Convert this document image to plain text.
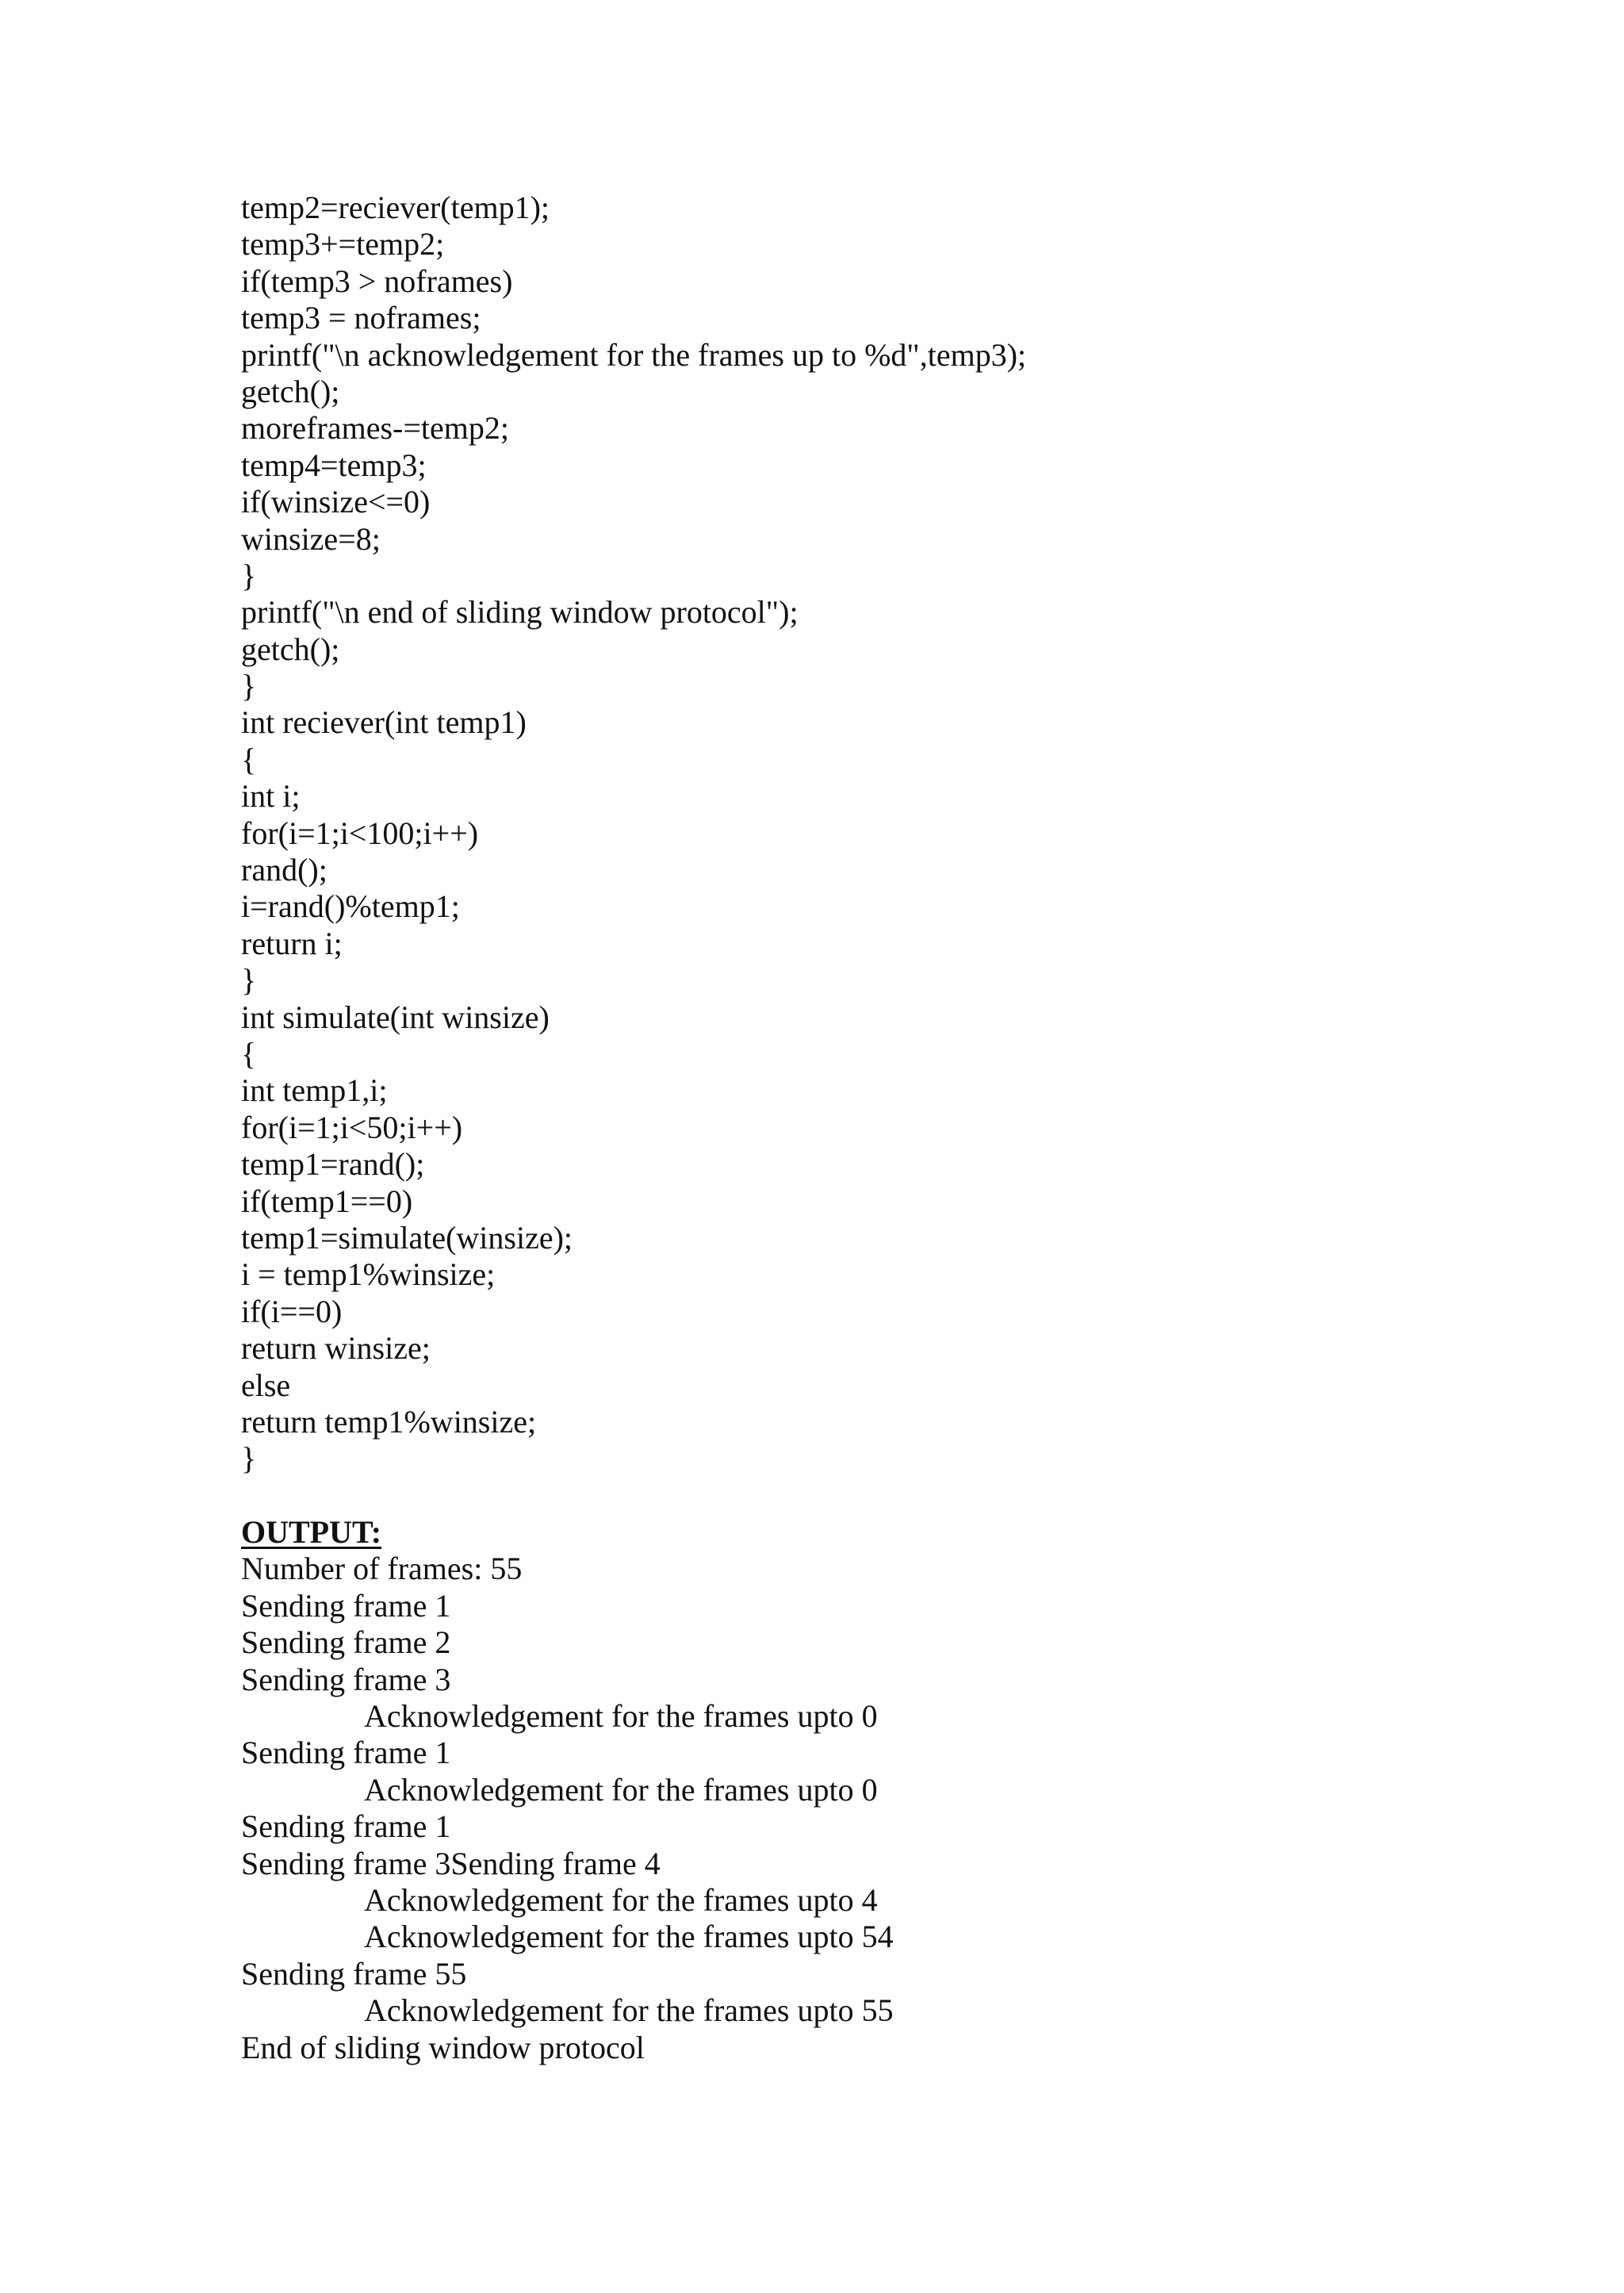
temp2=reciever(temp1);
temp3+=temp2;
if(temp3 > noframes)
temp3 = noframes;
printf("\n acknowledgement for the frames up to %d",temp3);
getch();
moreframes-=temp2;
temp4=temp3;
if(winsize<=0)
winsize=8;
}
printf("\n end of sliding window protocol");
getch();
}
int reciever(int temp1)
{
int i;
for(i=1;i<100;i++)
rand();
i=rand()%temp1;
return i;
}
int simulate(int winsize)
{
int temp1,i;
for(i=1;i<50;i++)
temp1=rand();
if(temp1==0)
temp1=simulate(winsize);
i = temp1%winsize;
if(i==0)
return winsize;
else
return temp1%winsize;
}
OUTPUT:
Number of frames: 55
Sending frame 1
Sending frame 2
Sending frame 3
Acknowledgement for the frames upto 0
Sending frame 1
Acknowledgement for the frames upto 0
Sending frame 1
Sending frame 3Sending frame 4
Acknowledgement for the frames upto 4
Acknowledgement for the frames upto 54
Sending frame 55
Acknowledgement for the frames upto 55
End of sliding window protocol
